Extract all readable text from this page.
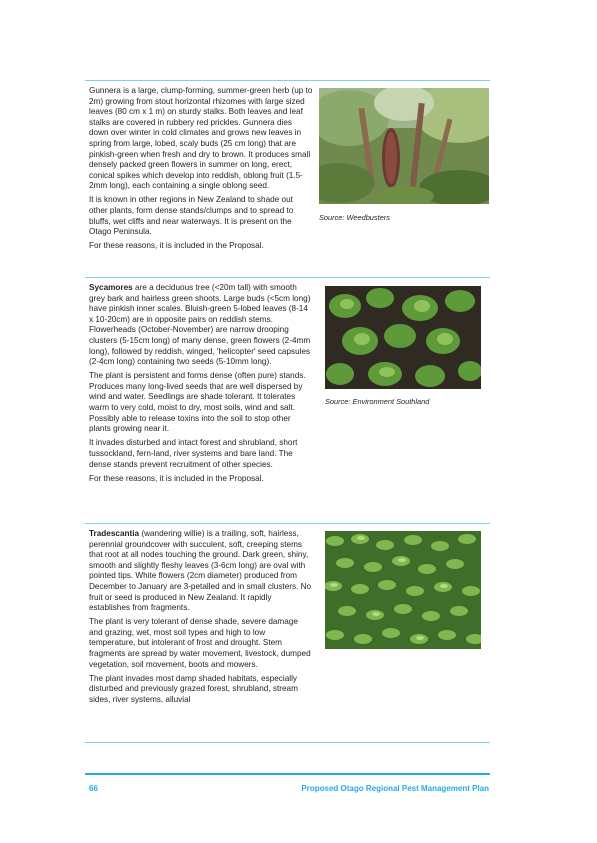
Gunnera is a large, clump-forming, summer-green herb (up to 2m) growing from stout horizontal rhizomes with large sized leaves (80 cm x 1 m) on sturdy stalks. Both leaves and leaf stalks are covered in rubbery red prickles. Gunnera dies down over winter in cold climates and grows new leaves in spring from large, lobed, scaly buds (25 cm long) that are pinkish-green when fresh and dry to brown. It produces small densely packed green flowers in summer on long, erect, conical spikes which develop into reddish, oblong fruit (1.5-2mm long), each containing a single oblong seed.

It is known in other regions in New Zealand to shade out other plants, form dense stands/clumps and to spread to bluffs, wet cliffs and near waterways. It is present on the Otago Peninsula.

For these reasons, it is included in the Proposal.

Source: Weedbusters

Sycamores are a deciduous tree (<20m tall) with smooth grey bark and hairless green shoots. Large buds (<5cm long) have pinkish inner scales. Bluish-green 5-lobed leaves (8-14 x 10-20cm) are in opposite pairs on reddish stems. Flowerheads (October-November) are narrow drooping clusters (5-15cm long) of many dense, green flowers (2-4mm long), followed by reddish, winged, 'helicopter' seed capsules (2-4cm long) containing two seeds (5-10mm long).

The plant is persistent and forms dense (often pure) stands. Produces many long-lived seeds that are well dispersed by wind and water. Seedlings are shade tolerant. It tolerates warm to very cold, moist to dry, most soils, wind and salt. Possibly able to release toxins into the soil to stop other plants growing near it.

It invades disturbed and intact forest and shrubland, short tussockland, fern-land, river systems and bare land. The dense stands prevent recruitment of other species.

For these reasons, it is included in the Proposal.

Source: Environment Southland

Tradescantia (wandering willie) is a trailing, soft, hairless, perennial groundcover with succulent, soft, creeping stems that root at all nodes touching the ground. Dark green, shiny, smooth and slightly fleshy leaves (3-6cm long) are oval with pointed tips. White flowers (2cm diameter) produced from December to January are 3-petalled and in small clusters. No fruit or seed is produced in New Zealand. It rapidly establishes from fragments.

The plant is very tolerant of dense shade, severe damage and grazing, wet, most soil types and high to low temperature, but intolerant of frost and drought. Stem fragments are spread by water movement, livestock, dumped vegetation, soil movement, boots and mowers.

The plant invades most damp shaded habitats, especially disturbed and previously grazed forest, shrubland, stream sides, river systems, alluvial

66	Proposed Otago Regional Pest Management Plan
